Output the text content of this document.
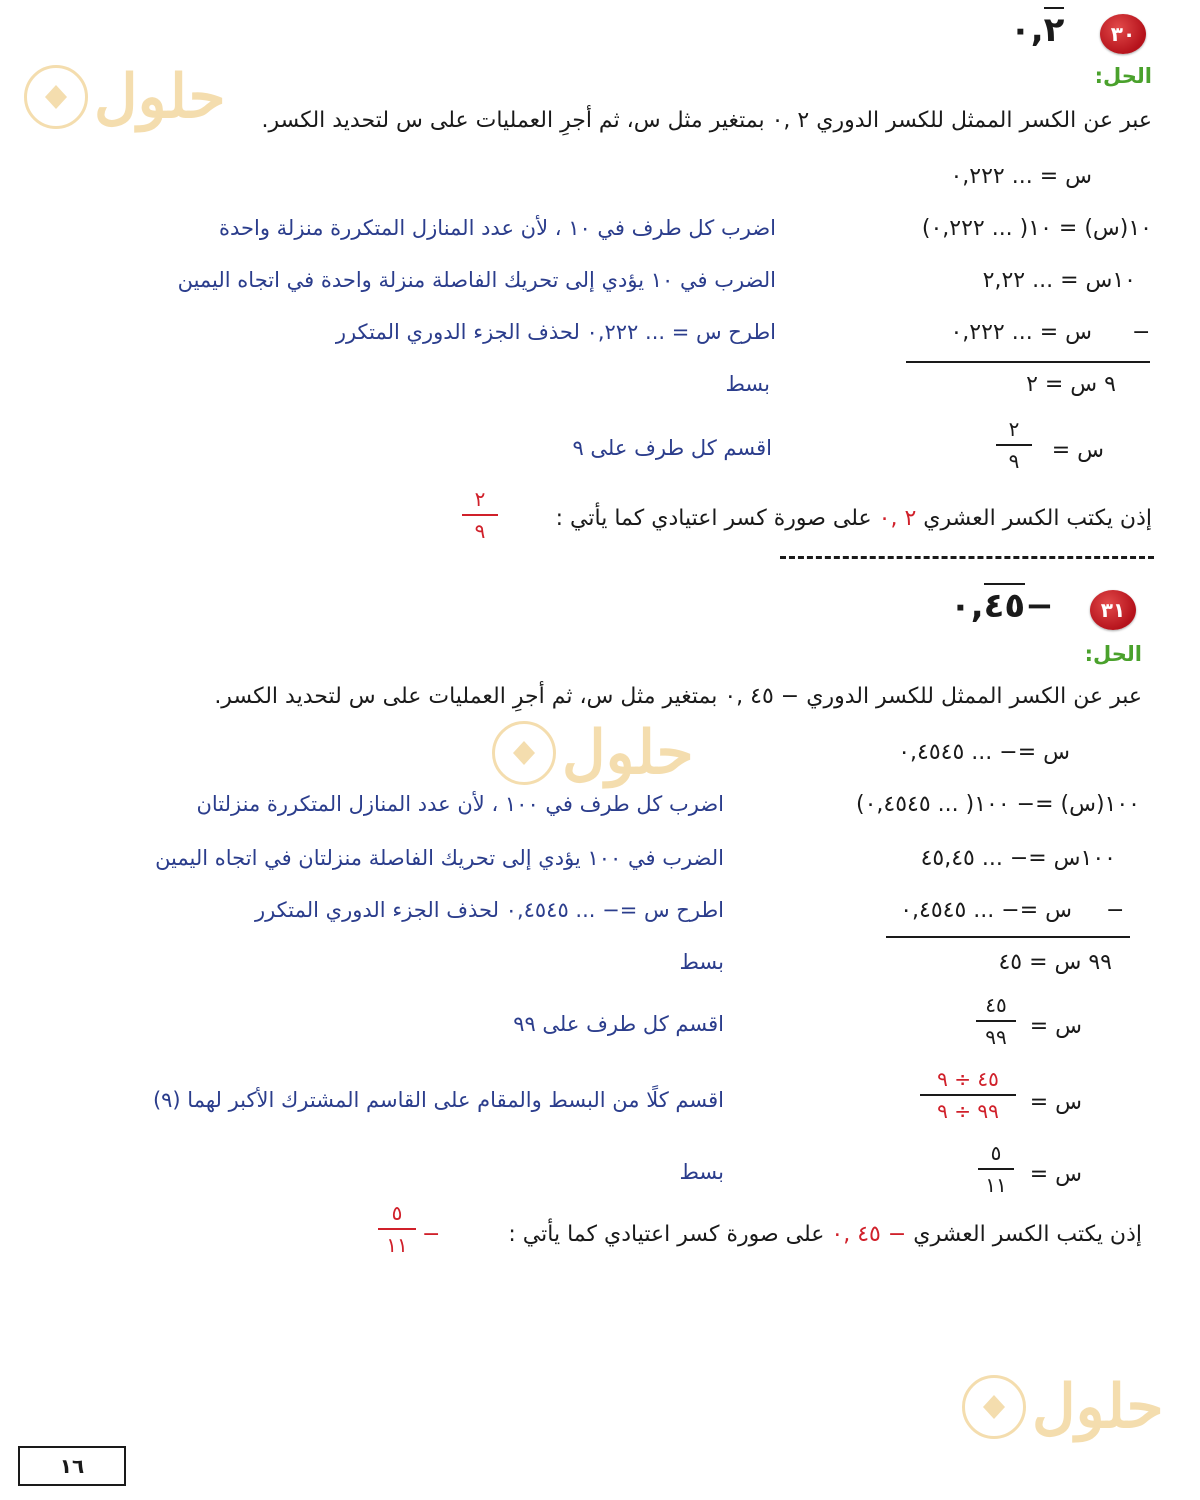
حلول
حلول
حلول
٣٠
٠,٢
الحل:
عبر عن الكسر الممثل للكسر الدوري ٢ ,٠ بمتغير مثل س، ثم أجرِ العمليات على س لتحديد الكسر.
س = ... ٠,٢٢٢
١٠(س) = ١٠( ... ٠,٢٢٢)
اضرب كل طرف في ١٠ ، لأن عدد المنازل المتكررة منزلة واحدة
١٠س = ... ٢,٢٢
الضرب في ١٠ يؤدي إلى تحريك الفاصلة منزلة واحدة في اتجاه اليمين
−
س = ... ٠,٢٢٢
اطرح س = ... ٠,٢٢٢ لحذف الجزء الدوري المتكرر
٩ س = ٢
بسط
س =
٢
٩
اقسم كل طرف على ٩
إذن يكتب الكسر العشري ٢ ,٠ على صورة كسر اعتيادي كما يأتي :
٢
٩
٣١
٠,٤٥−
الحل:
عبر عن الكسر الممثل للكسر الدوري − ٤٥ ,٠ بمتغير مثل س، ثم أجرِ العمليات على س لتحديد الكسر.
س =− ... ٠,٤٥٤٥
١٠٠(س) =− ١٠٠( ... ٠,٤٥٤٥)
اضرب كل طرف في ١٠٠ ، لأن عدد المنازل المتكررة منزلتان
١٠٠س =− ... ٤٥,٤٥
الضرب في ١٠٠ يؤدي إلى تحريك الفاصلة منزلتان في اتجاه اليمين
−
س =− ... ٠,٤٥٤٥
اطرح س =− ... ٠,٤٥٤٥ لحذف الجزء الدوري المتكرر
٩٩ س = ٤٥
بسط
س =
٤٥
٩٩
اقسم كل طرف على ٩٩
س =
٤٥ ÷ ٩
٩٩ ÷ ٩
اقسم كلًا من البسط والمقام على القاسم المشترك الأكبر لهما (٩)
س =
٥
١١
بسط
إذن يكتب الكسر العشري − ٤٥ ,٠ على صورة كسر اعتيادي كما يأتي :
−
٥
١١
١٦
